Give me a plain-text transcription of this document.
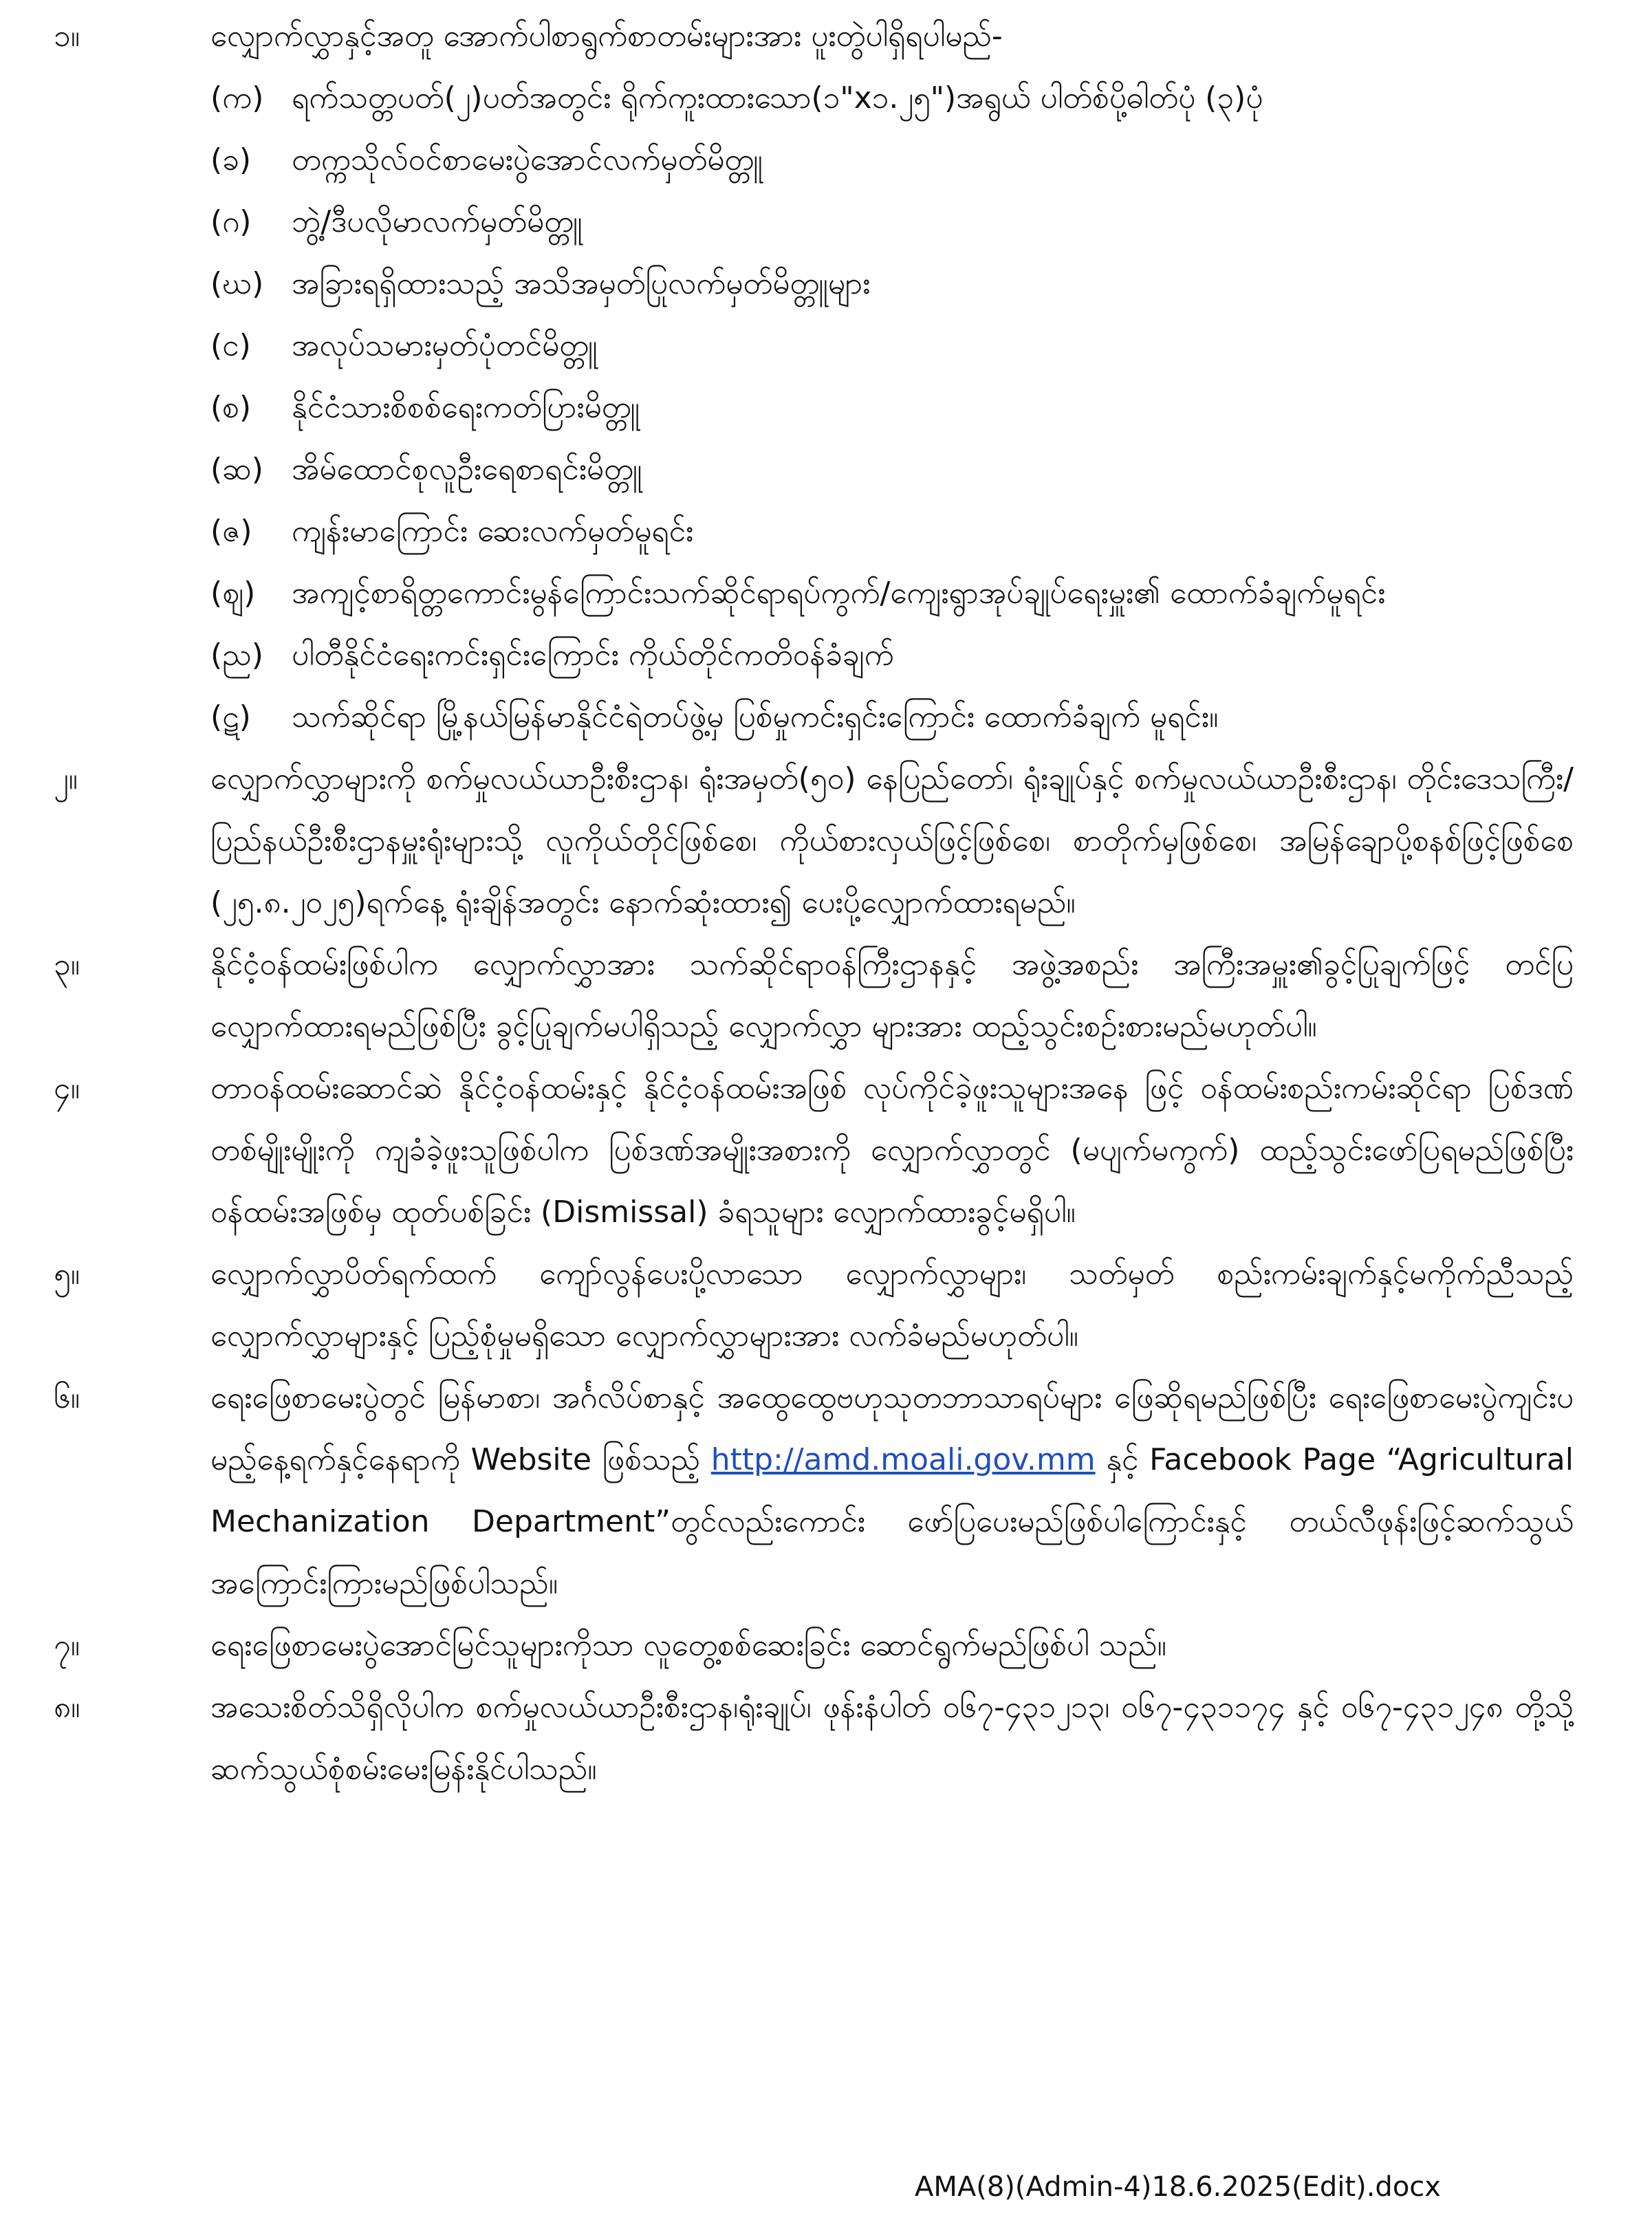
၁။	လျှောက်လွှာနှင့်အတူ အောက်ပါစာရွက်စာတမ်းများအား ပူးတွဲပါရှိရပါမည်-
(က) ရက်သတ္တပတ်(၂)ပတ်အတွင်း ရိုက်ကူးထားသော(၁"x၁.၂၅")အရွယ် ပါတ်စ်ပို့ဓါတ်ပုံ (၃)ပုံ
(ခ)	တက္ကသိုလ်ဝင်စာမေးပွဲအောင်လက်မှတ်မိတ္တူ
(ဂ)	ဘွဲ့/ဒီပလိုမာလက်မှတ်မိတ္တူ
(ဃ) အခြားရရှိထားသည့် အသိအမှတ်ပြုလက်မှတ်မိတ္တူများ
(င)	အလုပ်သမားမှတ်ပုံတင်မိတ္တူ
(စ)	နိုင်ငံသားစိစစ်ရေးကတ်ပြားမိတ္တူ
(ဆ) အိမ်ထောင်စုလူဦးရေစာရင်းမိတ္တူ
(ဇ)	ကျန်းမာကြောင်း ဆေးလက်မှတ်မူရင်း
(ဈ)	အကျင့်စာရိတ္တကောင်းမွန်ကြောင်းသက်ဆိုင်ရာရပ်ကွက်/ကျေးရွာအုပ်ချုပ်ရေးမှူး၏ ထောက်ခံချက်မူရင်း
(ည) ပါတီနိုင်ငံရေးကင်းရှင်းကြောင်း ကိုယ်တိုင်ကတိဝန်ခံချက်
(ဋ)	သက်ဆိုင်ရာ မြို့နယ်မြန်မာနိုင်ငံရဲတပ်ဖွဲ့မှ ပြစ်မှုကင်းရှင်းကြောင်း ထောက်ခံချက် မူရင်း။
၂။	လျှောက်လွှာများကို စက်မှုလယ်ယာဦးစီးဌာန၊ ရုံးအမှတ်(၅၀) နေပြည်တော်၊ ရုံးချုပ်နှင့် စက်မှုလယ်ယာဦးစီးဌာန၊ တိုင်းဒေသကြီး/ပြည်နယ်ဦးစီးဌာနမှူးရုံးများသို့ လူကိုယ်တိုင်ဖြစ်စေ၊ ကိုယ်စားလှယ်ဖြင့်ဖြစ်စေ၊ စာတိုက်မှဖြစ်စေ၊ အမြန်ချောပို့စနစ်ဖြင့်ဖြစ်စေ (၂၅.၈.၂၀၂၅)ရက်နေ့ ရုံးချိန်အတွင်း နောက်ဆုံးထား၍ ပေးပို့လျှောက်ထားရမည်။
၃။	နိုင်ငံ့ဝန်ထမ်းဖြစ်ပါက လျှောက်လွှာအား သက်ဆိုင်ရာဝန်ကြီးဌာနနှင့် အဖွဲ့အစည်း အကြီးအမှူး၏ခွင့်ပြုချက်ဖြင့် တင်ပြလျှောက်ထားရမည်ဖြစ်ပြီး ခွင့်ပြုချက်မပါရှိသည့် လျှောက်လွှာ များအား ထည့်သွင်းစဉ်းစားမည်မဟုတ်ပါ။
၄။	တာဝန်ထမ်းဆောင်ဆဲ နိုင်ငံ့ဝန်ထမ်းနှင့် နိုင်ငံ့ဝန်ထမ်းအဖြစ် လုပ်ကိုင်ခဲ့ဖူးသူများအနေ ဖြင့် ဝန်ထမ်းစည်းကမ်းဆိုင်ရာ ပြစ်ဒဏ်တစ်မျိုးမျိုးကို ကျခံခဲ့ဖူးသူဖြစ်ပါက ပြစ်ဒဏ်အမျိုးအစားကို လျှောက်လွှာတွင် (မပျက်မကွက်) ထည့်သွင်းဖော်ပြရမည်ဖြစ်ပြီး ဝန်ထမ်းအဖြစ်မှ ထုတ်ပစ်ခြင်း (Dismissal) ခံရသူများ လျှောက်ထားခွင့်မရှိပါ။
၅။	လျှောက်လွှာပိတ်ရက်ထက် ကျော်လွန်ပေးပို့လာသော လျှောက်လွှာများ၊ သတ်မှတ် စည်းကမ်းချက်နှင့်မကိုက်ညီသည့် လျှောက်လွှာများနှင့် ပြည့်စုံမှုမရှိသော လျှောက်လွှာများအား လက်ခံမည်မဟုတ်ပါ။
၆။	ရေးဖြေစာမေးပွဲတွင် မြန်မာစာ၊ အင်္ဂလိပ်စာနှင့် အထွေထွေဗဟုသုတဘာသာရပ်များ ဖြေဆိုရမည်ဖြစ်ပြီး ရေးဖြေစာမေးပွဲကျင်းပမည့်နေ့ရက်နှင့်နေရာကို Website ဖြစ်သည့် http://amd.moali.gov.mm နှင့် Facebook Page “Agricultural Mechanization Department”တွင်လည်းကောင်း ဖော်ပြပေးမည်ဖြစ်ပါကြောင်းနှင့် တယ်လီဖုန်းဖြင့်ဆက်သွယ် အကြောင်းကြားမည်ဖြစ်ပါသည်။
၇။	ရေးဖြေစာမေးပွဲအောင်မြင်သူများကိုသာ လူတွေ့စစ်ဆေးခြင်း ဆောင်ရွက်မည်ဖြစ်ပါ သည်။
၈။	အသေးစိတ်သိရှိလိုပါက စက်မှုလယ်ယာဦးစီးဌာန၊ရုံးချုပ်၊ ဖုန်းနံပါတ် ၀၆၇-၄၃၁၂၁၃၊ ၀၆၇-၄၃၁၁၇၄ နှင့် ၀၆၇-၄၃၁၂၄၈ တို့သို့ ဆက်သွယ်စုံစမ်းမေးမြန်းနိုင်ပါသည်။
AMA(8)(Admin-4)18.6.2025(Edit).docx
